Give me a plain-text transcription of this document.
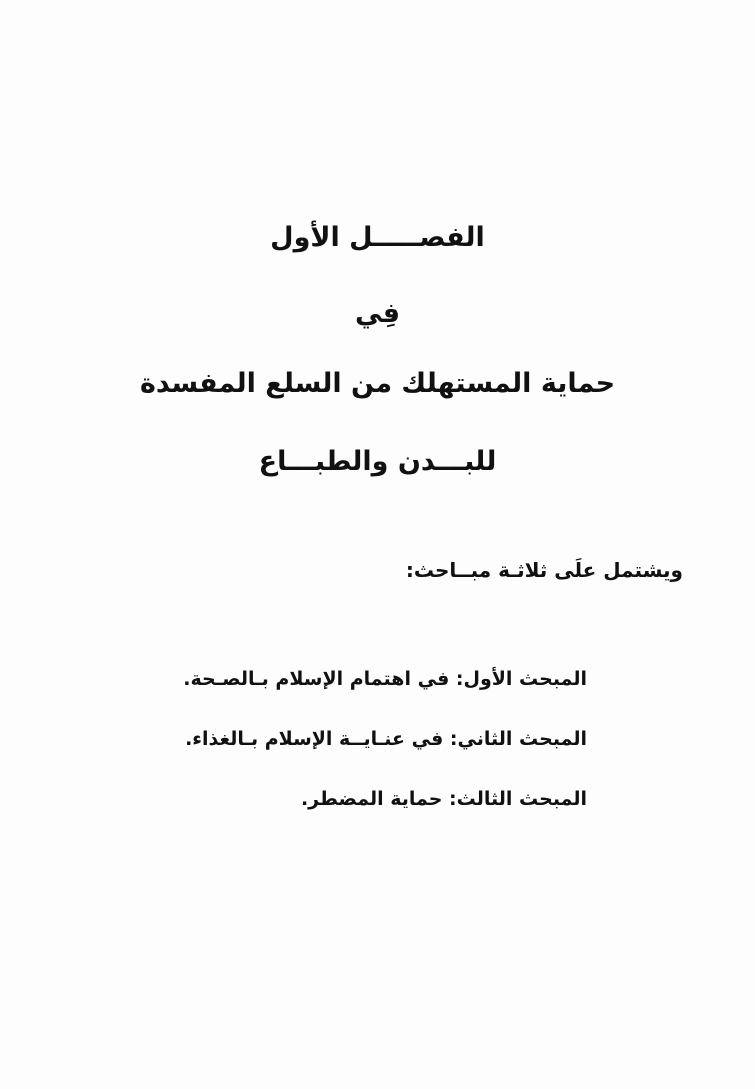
الفصـــــل الأول
فِي
حماية المستهلك من السلع المفسدة
للبـــدن والطبـــاع
ويشتمل علَى ثلاثـة مبــاحث:
المبحث الأول: في اهتمام الإسلام بـالصـحة.
المبحث الثاني: في عنـايــة الإسلام بـالغذاء.
المبحث الثالث: حماية المضطر.
